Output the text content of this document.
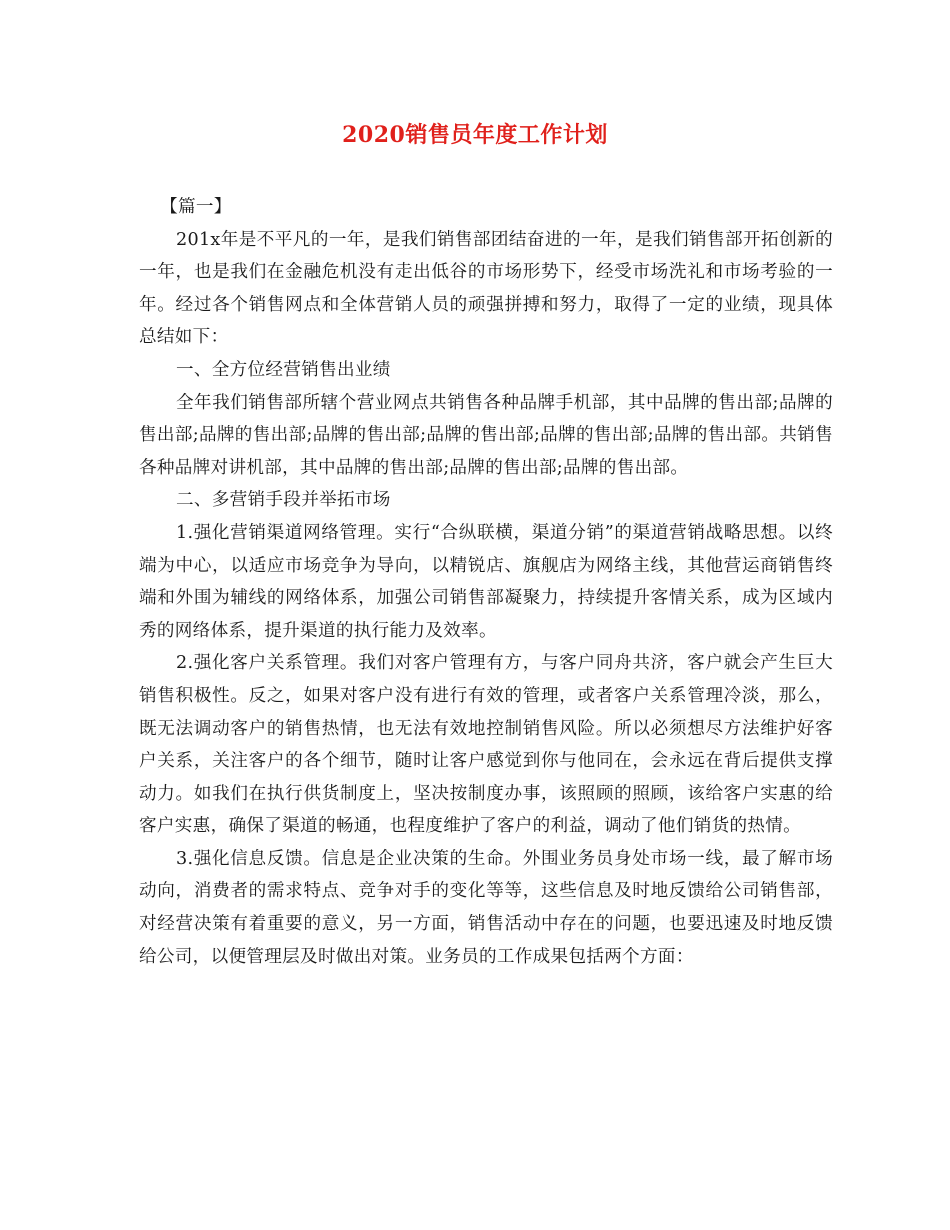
2020销售员年度工作计划

【篇一】

201x年是不平凡的一年，是我们销售部团结奋进的一年，是我们销售部开拓创新的一年，也是我们在金融危机没有走出低谷的市场形势下，经受市场洗礼和市场考验的一年。经过各个销售网点和全体营销人员的顽强拼搏和努力，取得了一定的业绩，现具体总结如下：

一、全方位经营销售出业绩

全年我们销售部所辖个营业网点共销售各种品牌手机部，其中品牌的售出部;品牌的售出部;品牌的售出部;品牌的售出部;品牌的售出部;品牌的售出部;品牌的售出部。共销售各种品牌对讲机部，其中品牌的售出部;品牌的售出部;品牌的售出部。

二、多营销手段并举拓市场

1.强化营销渠道网络管理。实行“合纵联横，渠道分销”的渠道营销战略思想。以终端为中心，以适应市场竞争为导向，以精锐店、旗舰店为网络主线，其他营运商销售终端和外围为辅线的网络体系，加强公司销售部凝聚力，持续提升客情关系，成为区域内秀的网络体系，提升渠道的执行能力及效率。

2.强化客户关系管理。我们对客户管理有方，与客户同舟共济，客户就会产生巨大销售积极性。反之，如果对客户没有进行有效的管理，或者客户关系管理冷淡，那么，既无法调动客户的销售热情，也无法有效地控制销售风险。所以必须想尽方法维护好客户关系，关注客户的各个细节，随时让客户感觉到你与他同在，会永远在背后提供支撑动力。如我们在执行供货制度上，坚决按制度办事，该照顾的照顾，该给客户实惠的给客户实惠，确保了渠道的畅通，也程度维护了客户的利益，调动了他们销货的热情。

3.强化信息反馈。信息是企业决策的生命。外围业务员身处市场一线，最了解市场动向，消费者的需求特点、竞争对手的变化等等，这些信息及时地反馈给公司销售部，对经营决策有着重要的意义，另一方面，销售活动中存在的问题，也要迅速及时地反馈给公司，以便管理层及时做出对策。业务员的工作成果包括两个方面：
